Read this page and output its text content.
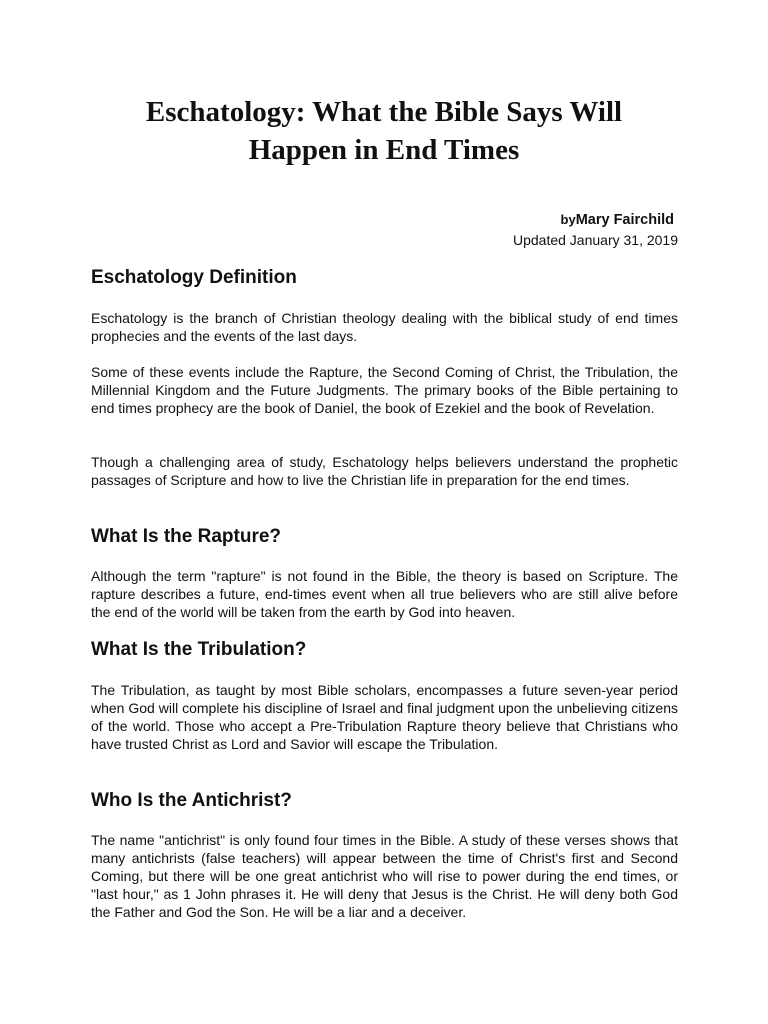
Eschatology: What the Bible Says Will
Happen in End Times
byMary Fairchild
Updated January 31, 2019
Eschatology Definition

Eschatology is the branch of Christian theology dealing with the biblical study of end times prophecies and the events of the last days.

Some of these events include the Rapture, the Second Coming of Christ, the Tribulation, the Millennial Kingdom and the Future Judgments. The primary books of the Bible pertaining to end times prophecy are the book of Daniel, the book of Ezekiel and the book of Revelation.

Though a challenging area of study, Eschatology helps believers understand the prophetic passages of Scripture and how to live the Christian life in preparation for the end times.

What Is the Rapture?

Although the term "rapture" is not found in the Bible, the theory is based on Scripture. The rapture describes a future, end-times event when all true believers who are still alive before the end of the world will be taken from the earth by God into heaven.

What Is the Tribulation?

The Tribulation, as taught by most Bible scholars, encompasses a future seven-year period when God will complete his discipline of Israel and final judgment upon the unbelieving citizens of the world. Those who accept a Pre-Tribulation Rapture theory believe that Christians who have trusted Christ as Lord and Savior will escape the Tribulation.

Who Is the Antichrist?

The name "antichrist" is only found four times in the Bible. A study of these verses shows that many antichrists (false teachers) will appear between the time of Christ's first and Second Coming, but there will be one great antichrist who will rise to power during the end times, or "last hour," as 1 John phrases it. He will deny that Jesus is the Christ. He will deny both God the Father and God the Son. He will be a liar and a deceiver.
